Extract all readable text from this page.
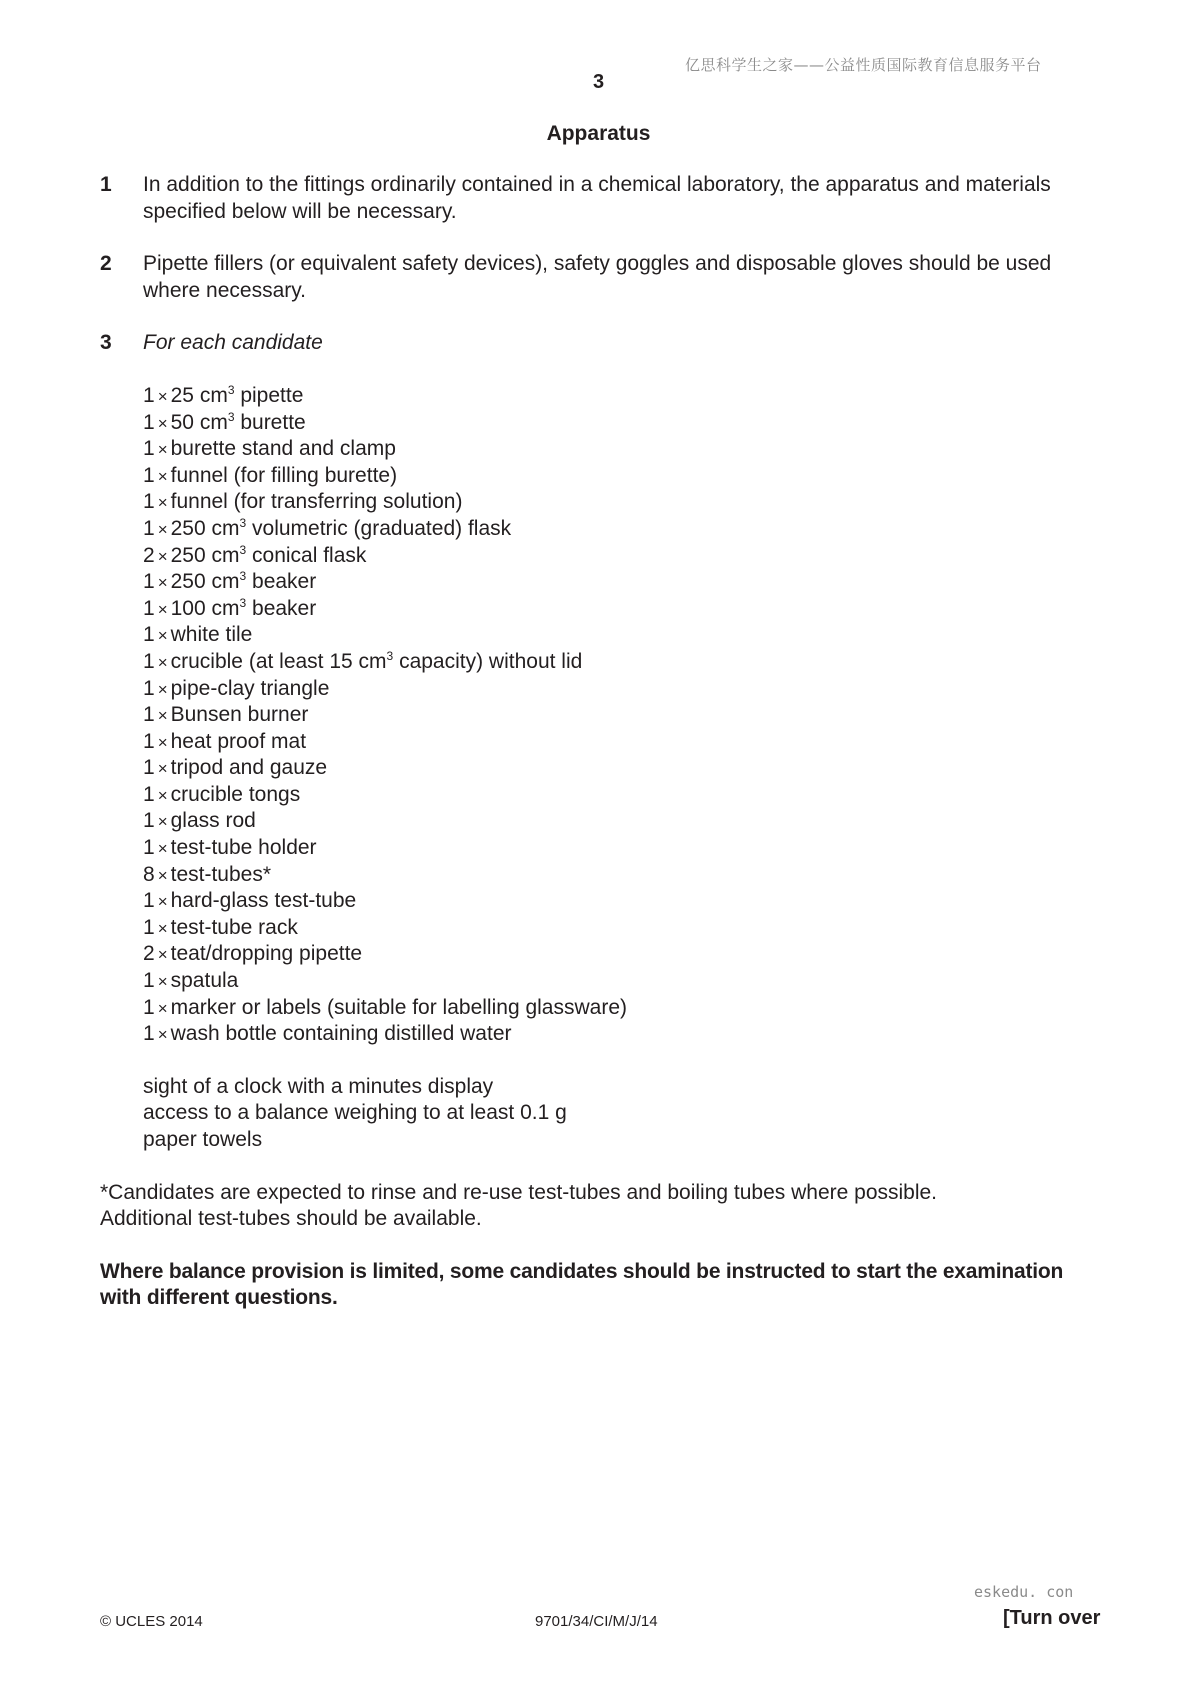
亿思科学生之家——公益性质国际教育信息服务平台
3
Apparatus
1 In addition to the fittings ordinarily contained in a chemical laboratory, the apparatus and materials specified below will be necessary.
2 Pipette fillers (or equivalent safety devices), safety goggles and disposable gloves should be used where necessary.
3 For each candidate
1 × 25 $cm^3$ pipette
1 × 50 $cm^3$ burette
1 × burette stand and clamp
1 × funnel (for filling burette)
1 × funnel (for transferring solution)
1 × 250 $cm^3$ volumetric (graduated) flask
2 × 250 $cm^3$ conical flask
1 × 250 $cm^3$ beaker
1 × 100 $cm^3$ beaker
1 × white tile
1 × crucible (at least 15 $cm^3$ capacity) without lid
1 × pipe-clay triangle
1 × Bunsen burner
1 × heat proof mat
1 × tripod and gauze
1 × crucible tongs
1 × glass rod
1 × test-tube holder
8 × test-tubes*
1 × hard-glass test-tube
1 × test-tube rack
2 × teat/dropping pipette
1 × spatula
1 × marker or labels (suitable for labelling glassware)
1 × wash bottle containing distilled water
sight of a clock with a minutes display
access to a balance weighing to at least 0.1 g
paper towels

*Candidates are expected to rinse and re-use test-tubes and boiling tubes where possible.

Additional test-tubes should be available.

Where balance provision is limited, some candidates should be instructed to start the examination with different questions.
eskedu. con
© UCLES 2014	9701/34/CI/M/J/14	[Turn over
